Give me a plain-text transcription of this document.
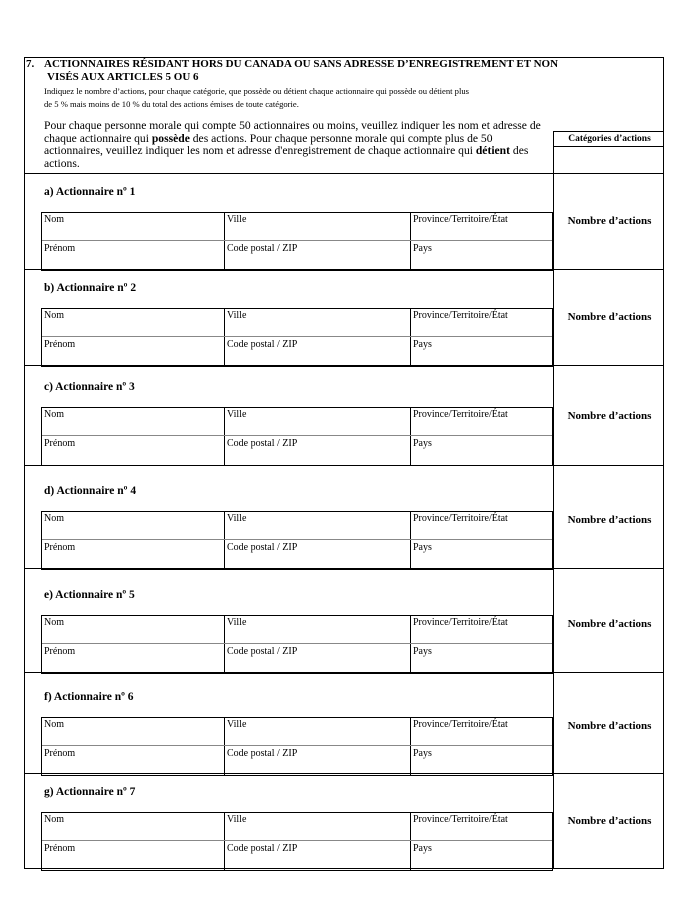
7. ACTIONNAIRES RÉSIDANT HORS DU CANADA OU SANS ADRESSE D’ENREGISTREMENT ET NON
VISÉS AUX ARTICLES 5 OU 6
Indiquez le nombre d’actions, pour chaque catégorie, que possède ou détient chaque actionnaire qui possède ou détient plus
de 5 % mais moins de 10 % du total des actions émises de toute catégorie.
Pour chaque personne morale qui compte 50 actionnaires ou moins, veuillez indiquer les nom et adresse de chaque actionnaire qui possède des actions. Pour chaque personne morale qui compte plus de 50 actionnaires, veuillez indiquer les nom et adresse d'enregistrement de chaque actionnaire qui détient des actions.
Catégories d’actions
a) Actionnaire nº 1
Nom	Ville	Province/Territoire/État
Prénom	Code postal / ZIP	Pays
Nombre d’actions
b) Actionnaire nº 2
Nom	Ville	Province/Territoire/État
Prénom	Code postal / ZIP	Pays
Nombre d’actions
c) Actionnaire nº 3
Nom	Ville	Province/Territoire/État
Prénom	Code postal / ZIP	Pays
Nombre d’actions
d) Actionnaire nº 4
Nom	Ville	Province/Territoire/État
Prénom	Code postal / ZIP	Pays
Nombre d’actions
e) Actionnaire nº 5
Nom	Ville	Province/Territoire/État
Prénom	Code postal / ZIP	Pays
Nombre d’actions
f) Actionnaire nº 6
Nom	Ville	Province/Territoire/État
Prénom	Code postal / ZIP	Pays
Nombre d’actions
g) Actionnaire nº 7
Nom	Ville	Province/Territoire/État
Prénom	Code postal / ZIP	Pays
Nombre d’actions
